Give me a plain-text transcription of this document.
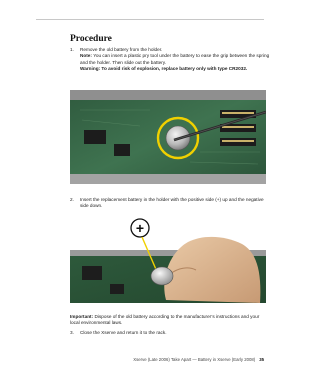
Procedure
1. Remove the old battery from the holder.
Note: You can insert a plastic pry tool under the battery to ease the grip between the spring and the holder. Then slide out the battery.
Warning: To avoid risk of explosion, replace battery only with type CR2032.
2. Insert the replacement battery in the holder with the positive side (+) up and the negative side down.
+
Important: Dispose of the old battery according to the manufacturer’s instructions and your local environmental laws.
3. Close the Xserve and return it to the rack.
Xserve (Late 2006) Take Apart — Battery in Xserve (Early 2008) 35
